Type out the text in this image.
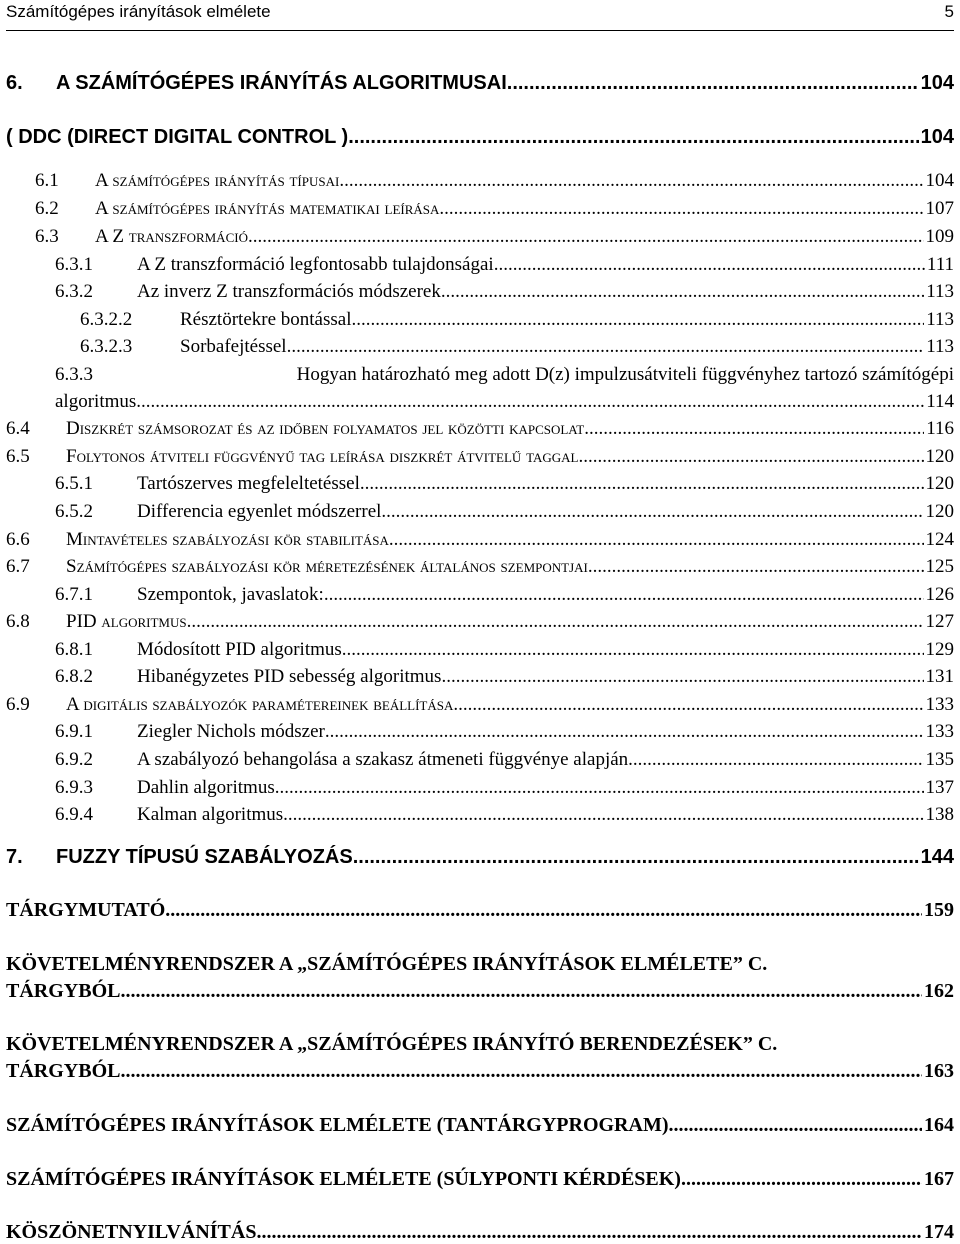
Számítógépes irányítások elmélete	5
6.	A SZÁMÍTÓGÉPES IRÁNYÍTÁS ALGORITMUSAI .....	104
( DDC (DIRECT DIGITAL CONTROL ) .....	104
6.1	A számítógépes irányítás típusai .....	104
6.2	A számítógépes irányítás matematikai leírása .....	107
6.3	A Z transzformáció .....	109
6.3.1	A Z transzformáció legfontosabb tulajdonságai .....	111
6.3.2	Az inverz Z transzformációs módszerek .....	113
6.3.2.2	Résztörtekre bontással .....	113
6.3.2.3	Sorbafejtéssel .....	113
6.3.3	Hogyan határozható meg adott D(z) impulzusátviteli függvényhez tartozó számítógépi
algoritmus .....	114
6.4	Diszkrét számsorozat és az időben folyamatos jel közötti kapcsolat .....	116
6.5	Folytonos átviteli függvényű tag leírása diszkrét átvitelű taggal .....	120
6.5.1	Tartószerves megfeleltetéssel .....	120
6.5.2	Differencia egyenlet módszerrel .....	120
6.6	Mintavételes szabályozási kör stabilitása .....	124
6.7	Számítógépes szabályozási kör méretezésének általános szempontjai .....	125
6.7.1	Szempontok, javaslatok: .....	126
6.8	PID algoritmus .....	127
6.8.1	Módosított PID algoritmus .....	129
6.8.2	Hibanégyzetes PID sebesség algoritmus .....	131
6.9	A digitális szabályozók paramétereinek beállítása .....	133
6.9.1	Ziegler Nichols módszer .....	133
6.9.2	A szabályozó behangolása a szakasz átmeneti függvénye alapján .....	135
6.9.3	Dahlin algoritmus .....	137
6.9.4	Kalman algoritmus .....	138
7.	FUZZY TÍPUSÚ SZABÁLYOZÁS .....	144
TÁRGYMUTATÓ .....	159
KÖVETELMÉNYRENDSZER A „SZÁMÍTÓGÉPES IRÁNYÍTÁSOK ELMÉLETE” C.
TÁRGYBÓL .....	162
KÖVETELMÉNYRENDSZER A „SZÁMÍTÓGÉPES IRÁNYÍTÓ BERENDEZÉSEK” C.
TÁRGYBÓL .....	163
SZÁMÍTÓGÉPES IRÁNYÍTÁSOK ELMÉLETE (TANTÁRGYPROGRAM) .....	164
SZÁMÍTÓGÉPES IRÁNYÍTÁSOK ELMÉLETE (SÚLYPONTI KÉRDÉSEK) .....	167
KÖSZÖNETNYILVÁNÍTÁS .....	174
